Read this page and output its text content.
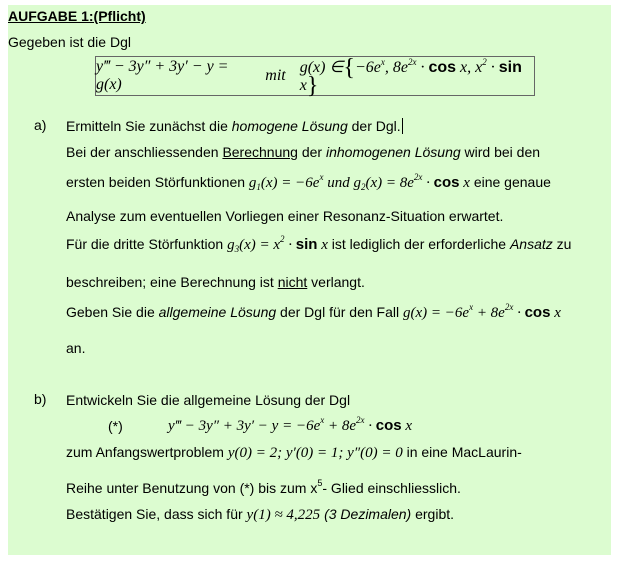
AUFGABE 1:(Pflicht)
Gegeben ist die Dgl
y‴ − 3y″ + 3y′ − y = g(x)
mit g(x) $\in\{-6e^x$, $8e^{2x} \cdot \cos x$, $x^2 \cdot \sin x$}
a) Ermitteln Sie zunächst die homogene Lösung der Dgl.
Bei der anschliessenden Berechnung der inhomogenen Lösung wird bei den
ersten beiden Störfunktionen $g_1(x) = -6e^x$ und $g_2(x) = 8e^{2x} \cdot \cos x$ eine genaue
Analyse zum eventuellen Vorliegen einer Resonanz-Situation erwartet.
Für die dritte Störfunktion $g_3(x) = x^2 \cdot \sin x$ ist lediglich der erforderliche Ansatz zu
beschreiben; eine Berechnung ist nicht verlangt.
Geben Sie die allgemeine Lösung der Dgl für den Fall $g(x) = -6e^x + 8e^{2x} \cdot \cos x$
an.
b) Entwickeln Sie die allgemeine Lösung der Dgl
(*)	y‴ − $3y'' + 3y' - y = -6e^x + 8e^{2x} \cdot \cos x$
zum Anfangswertproblem y(0) = 2; y′(0) = 1; y″(0) = 0 in eine MacLaurin-
Reihe unter Benutzung von (*) bis zum $x^5-$ Glied einschliesslich.
Bestätigen Sie, dass sich für y(1) ≈ 4,225 (3 Dezimalen) ergibt.
